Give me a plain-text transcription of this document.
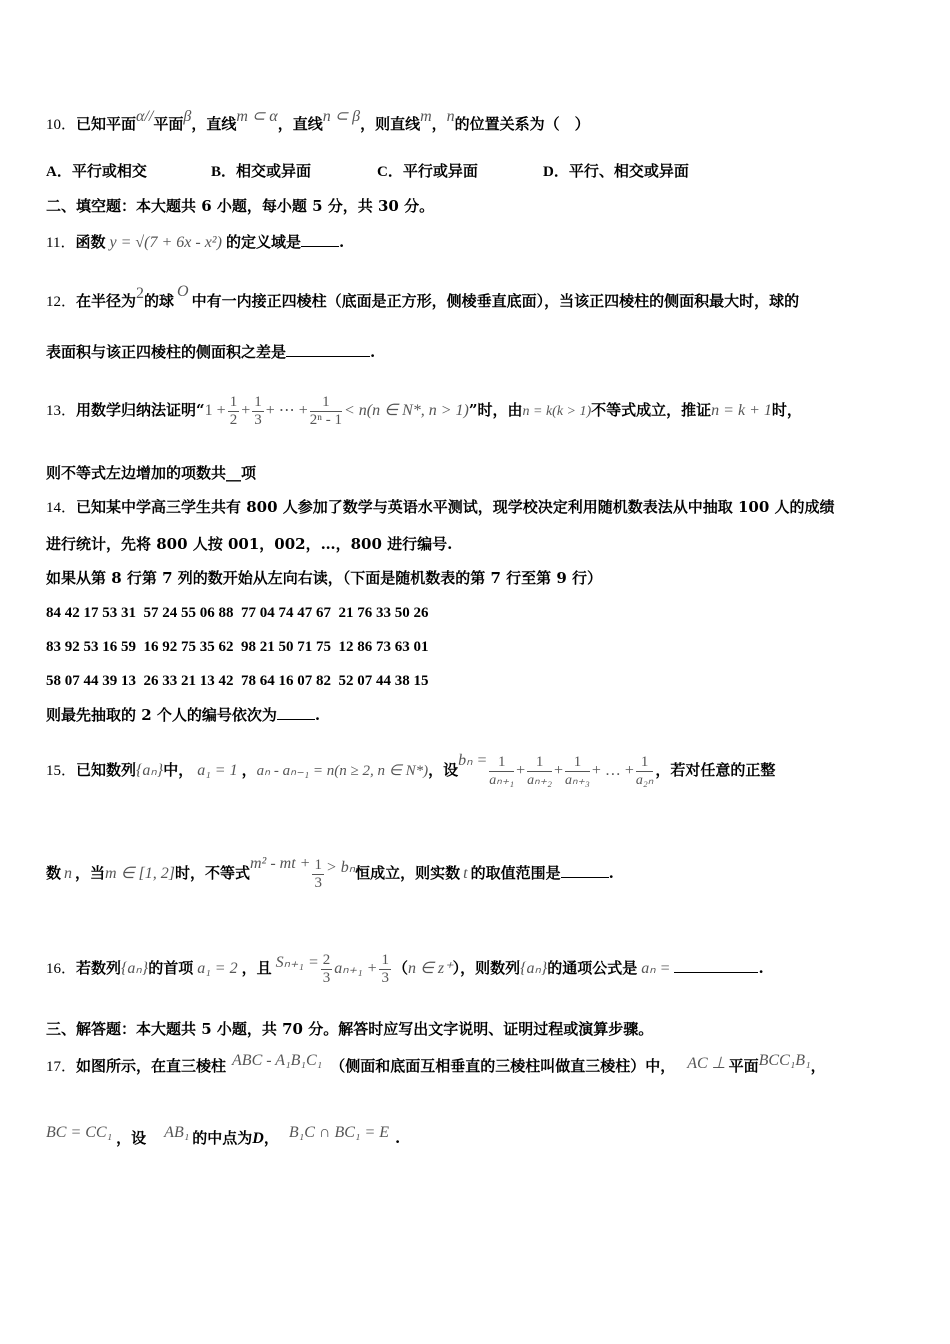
10．已知平面α//平面β，直线m ⊂ α，直线n ⊂ β，则直线m，n的位置关系为（　）
A．平行或相交	B．相交或异面	C．平行或异面	D．平行、相交或异面
二、填空题：本大题共 6 小题，每小题 5 分，共 30 分。
11．函数 y = √(7 + 6x - x²) 的定义域是	.
12．在半径为2的球O中有一内接正四棱柱（底面是正方形，侧棱垂直底面），当该正四棱柱的侧面积最大时，球的
表面积与该正四棱柱的侧面积之差是	.
13．用数学归纳法证明“$1 + \frac{1}{2} + \frac{1}{3}$ + ⋯ + $\frac{1}{\text{2ⁿ - 1}} < n(n$ ∈ N*, n > 1)”时，由n = k(k > 1)不等式成立，推证n = k + 1时，
则不等式左边增加的项数共__项
14．已知某中学高三学生共有 800 人参加了数学与英语水平测试，现学校决定利用随机数表法从中抽取 100 人的成绩
进行统计，先将 800 人按 001，002，…，800 进行编号.
如果从第 8 行第 7 列的数开始从左向右读，（下面是随机数表的第 7 行至第 9 行）
84 42 17 53 31  57 24 55 06 88  77 04 74 47 67  21 76 33 50 26
83 92 53 16 59  16 92 75 35 62  98 21 50 71 75  12 86 73 63 01
58 07 44 39 13  26 33 21 13 42  78 64 16 07 82  52 07 44 38 15
则最先抽取的 2 个人的编号依次为	.
15．已知数列{aₙ}中， a₁ = 1 ，aₙ - aₙ₋₁ = n(n ≥ 2, n ∈ N*)，设$b_n = \frac{1}{\text{aₙ₊₁}} + \frac{1}{\text{aₙ₊₂}} + \frac{1}{\text{aₙ₊₃}}$ + … + $\frac{1}{\text{a₂ₙ}}$ ，若对任意的正整
数 n ，当m ∈ [1, 2]时，不等式m² - mt + $\frac{1}{3} > b_n$恒成立，则实数 t 的取值范围是	.
16．若数列{aₙ}的首项 a₁ = 2 ，且 $S_{n+1} = \frac{2}{3} a_{n+1} + \frac{1}{3} (n$ ∈ z⁺），则数列{aₙ}的通项公式是 aₙ =	.
三、解答题：本大题共 5 小题，共 70 分。解答时应写出文字说明、证明过程或演算步骤。
17．如图所示，在直三棱柱 ABC - A₁B₁C₁ （侧面和底面互相垂直的三棱柱叫做直三棱柱）中， AC ⊥ 平面BCC₁B₁，
BC = CC₁ ，设 AB₁ 的中点为D， B₁C ∩ BC₁ = E .
